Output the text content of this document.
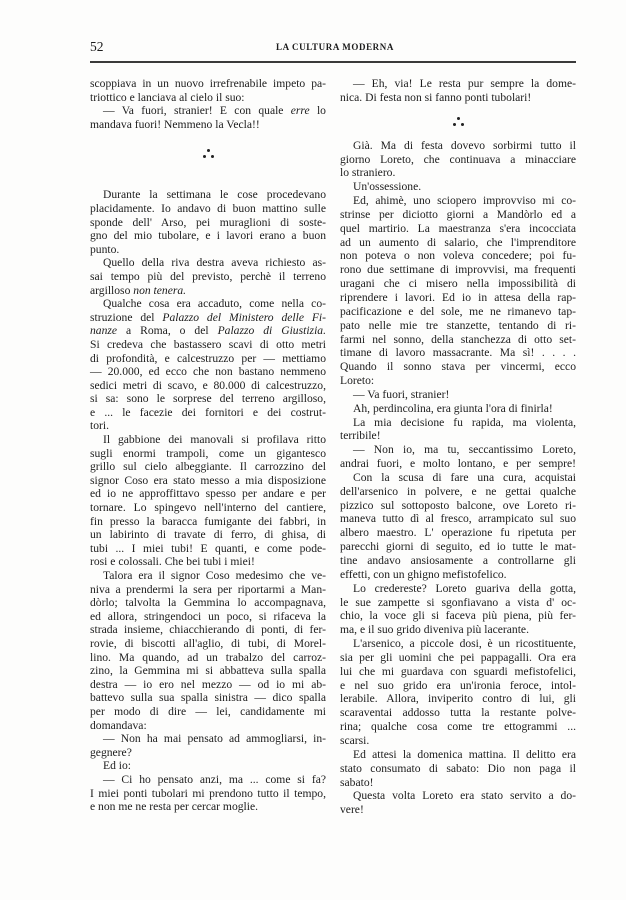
52	LA CULTURA MODERNA
scoppiava in un nuovo irrefrenabile impeto pa-
triottico e lanciava al cielo il suo:
— Va fuori, stranier! E con quale erre lo
mandava fuori! Nemmeno la Vecla!!
Durante la settimana le cose procedevano
placidamente. Io andavo di buon mattino sulle
sponde dell' Arso, pei muraglioni di soste-
gno del mio tubolare, e i lavori erano a buon
punto.
Quello della riva destra aveva richiesto as-
sai tempo più del previsto, perchè il terreno
argilloso non tenera.
Qualche cosa era accaduto, come nella co-
struzione del Palazzo del Ministero delle Fi-
nanze a Roma, o del Palazzo di Giustizia.
Si credeva che bastassero scavi di otto metri
di profondità, e calcestruzzo per — mettiamo
— 20.000, ed ecco che non bastano nemmeno
sedici metri di scavo, e 80.000 di calcestruzzo,
si sa: sono le sorprese del terreno argilloso,
e ... le facezie dei fornitori e dei costrut-
tori.
Il gabbione dei manovali si profilava ritto
sugli enormi trampoli, come un gigantesco
grillo sul cielo albeggiante. Il carrozzino del
signor Coso era stato messo a mia disposizione
ed io ne approffittavo spesso per andare e per
tornare. Lo spingevo nell'interno del cantiere,
fin presso la baracca fumigante dei fabbri, in
un labirinto di travate di ferro, di ghisa, di
tubi ... I miei tubi! E quanti, e come pode-
rosi e colossali. Che bei tubi i miei!
Talora era il signor Coso medesimo che ve-
niva a prendermi la sera per riportarmi a Man-
dòrlo; talvolta la Gemmina lo accompagnava,
ed allora, stringendoci un poco, si rifaceva la
strada insieme, chiacchierando di ponti, di fer-
rovie, di biscotti all'aglio, di tubi, di Morel-
lino. Ma quando, ad un trabalzo del carroz-
zino, la Gemmina mi si abbatteva sulla spalla
destra — io ero nel mezzo — od io mi ab-
battevo sulla sua spalla sinistra — dico spalla
per modo di dire — lei, candidamente mi
domandava:
— Non ha mai pensato ad ammogliarsi, in-
gegnere?
Ed io:
— Ci ho pensato anzi, ma ... come si fa?
I miei ponti tubolari mi prendono tutto il tempo,
e non me ne resta per cercar moglie.
— Eh, via! Le resta pur sempre la dome-
nica. Di festa non si fanno ponti tubolari!
Già. Ma di festa dovevo sorbirmi tutto il
giorno Loreto, che continuava a minacciare
lo straniero.
Un'ossessione.
Ed, ahimè, uno sciopero improvviso mi co-
strinse per diciotto giorni a Mandòrlo ed a
quel martirio. La maestranza s'era incocciata
ad un aumento di salario, che l'imprenditore
non poteva o non voleva concedere; poi fu-
rono due settimane di improvvisi, ma frequenti
uragani che ci misero nella impossibilità di
riprendere i lavori. Ed io in attesa della rap-
pacificazione e del sole, me ne rimanevo tap-
pato nelle mie tre stanzette, tentando di ri-
farmi nel sonno, della stanchezza di otto set-
timane di lavoro massacrante. Ma sì! . . . .
Quando il sonno stava per vincermi, ecco
Loreto:
— Va fuori, stranier!
Ah, perdincolina, era giunta l'ora di finirla!
La mia decisione fu rapida, ma violenta,
terribile!
— Non io, ma tu, seccantissimo Loreto,
andrai fuori, e molto lontano, e per sempre!
Con la scusa di fare una cura, acquistai
dell'arsenico in polvere, e ne gettai qualche
pizzico sul sottoposto balcone, ove Loreto ri-
maneva tutto dì al fresco, arrampicato sul suo
albero maestro. L' operazione fu ripetuta per
parecchi giorni di seguito, ed io tutte le mat-
tine andavo ansiosamente a controllarne gli
effetti, con un ghigno mefistofelico.
Lo credereste? Loreto guariva della gotta,
le sue zampette si sgonfiavano a vista d' oc-
chio, la voce gli si faceva più piena, più fer-
ma, e il suo grido diveniva più lacerante.
L'arsenico, a piccole dosi, è un ricostituente,
sia per gli uomini che pei pappagalli. Ora era
lui che mi guardava con sguardi mefistofelici,
e nel suo grido era un'ironia feroce, intol-
lerabile. Allora, inviperito contro di lui, gli
scaraventai addosso tutta la restante polve-
rina; qualche cosa come tre ettogrammi ...
scarsi.
Ed attesi la domenica mattina. Il delitto era
stato consumato di sabato: Dio non paga il
sabato!
Questa volta Loreto era stato servito a do-
vere!
